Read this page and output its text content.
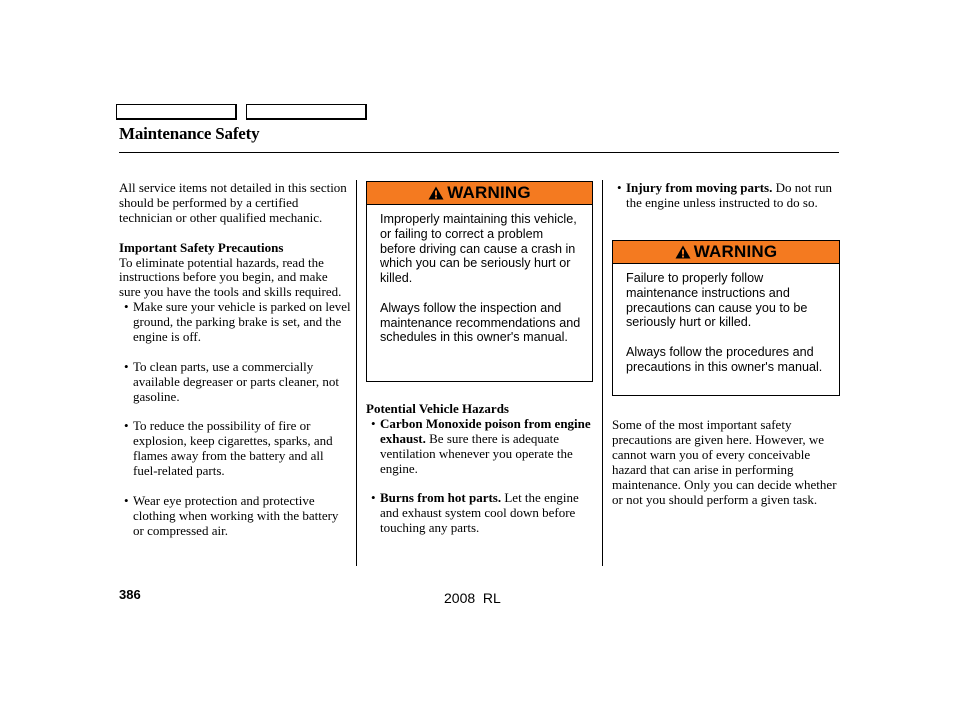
Maintenance Safety

All service items not detailed in this section should be performed by a certified technician or other qualified mechanic.

Important Safety Precautions

To eliminate potential hazards, read the instructions before you begin, and make sure you have the tools and skills required.

• Make sure your vehicle is parked on level ground, the parking brake is set, and the engine is off.
• To clean parts, use a commercially available degreaser or parts cleaner, not gasoline.
• To reduce the possibility of fire or explosion, keep cigarettes, sparks, and flames away from the battery and all fuel-related parts.
• Wear eye protection and protective clothing when working with the battery or compressed air.
WARNING

Improperly maintaining this vehicle, or failing to correct a problem before driving can cause a crash in which you can be seriously hurt or killed.

Always follow the inspection and maintenance recommendations and schedules in this owner's manual.

Potential Vehicle Hazards

• Carbon Monoxide poison from engine exhaust. Be sure there is adequate ventilation whenever you operate the engine.
• Burns from hot parts. Let the engine and exhaust system cool down before touching any parts.
• Injury from moving parts. Do not run the engine unless instructed to do so.
WARNING

Failure to properly follow maintenance instructions and precautions can cause you to be seriously hurt or killed.

Always follow the procedures and precautions in this owner's manual.

Some of the most important safety precautions are given here. However, we cannot warn you of every conceivable hazard that can arise in performing maintenance. Only you can decide whether or not you should perform a given task.

386	2008  RL
